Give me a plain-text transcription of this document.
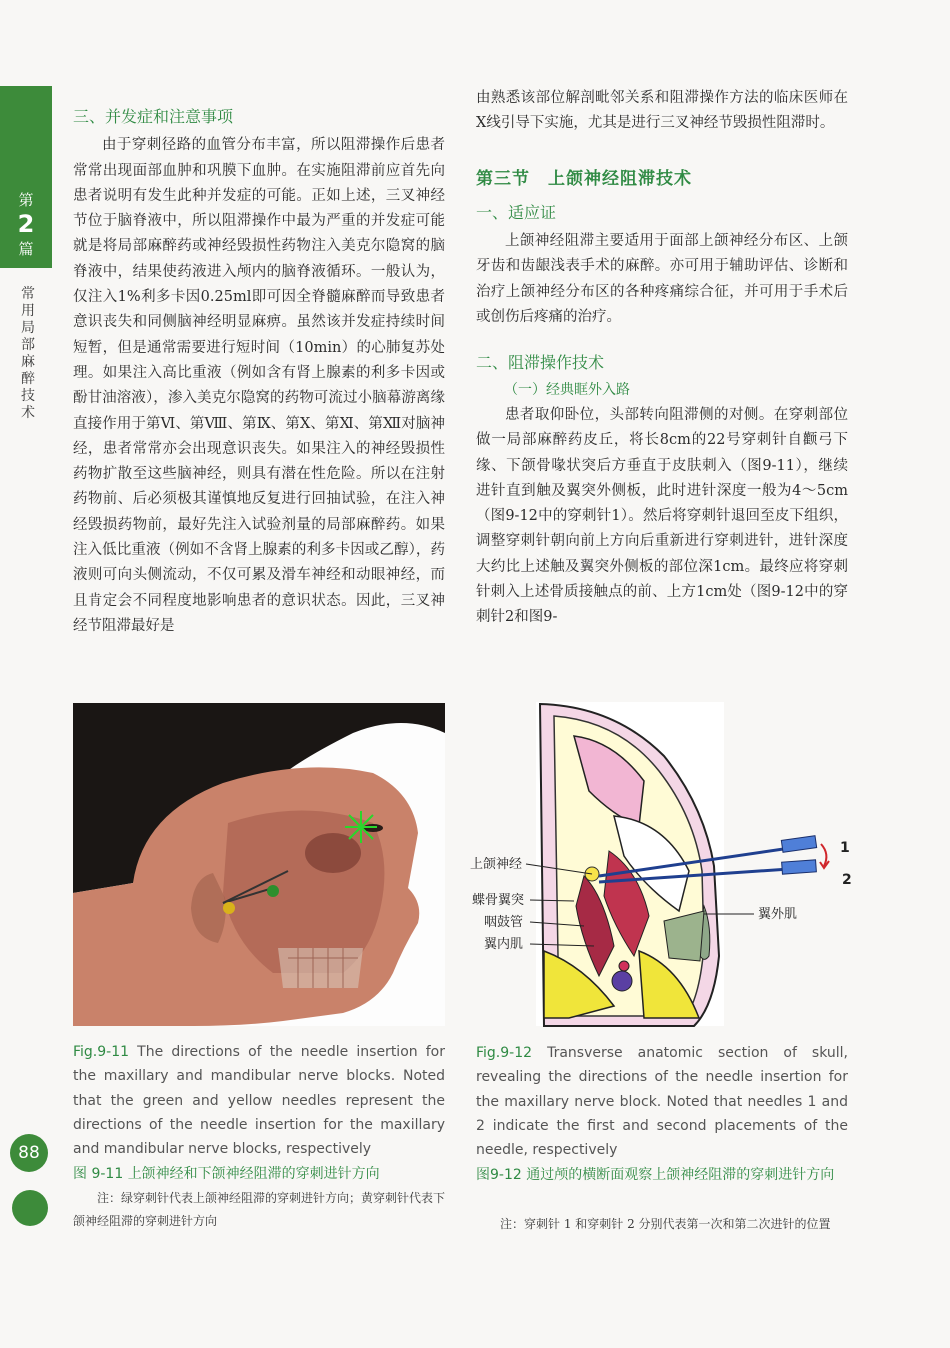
第
2
篇
常
用
局
部
麻
醉
技
术
88
三、并发症和注意事项

由于穿刺径路的血管分布丰富，所以阻滞操作后患者常常出现面部血肿和巩膜下血肿。在实施阻滞前应首先向患者说明有发生此种并发症的可能。正如上述，三叉神经节位于脑脊液中，所以阻滞操作中最为严重的并发症可能就是将局部麻醉药或神经毁损性药物注入美克尔隐窝的脑脊液中，结果使药液进入颅内的脑脊液循环。一般认为，仅注入1%利多卡因0.25ml即可因全脊髓麻醉而导致患者意识丧失和同侧脑神经明显麻痹。虽然该并发症持续时间短暂，但是通常需要进行短时间（10min）的心肺复苏处理。如果注入高比重液（例如含有肾上腺素的利多卡因或酚甘油溶液），渗入美克尔隐窝的药物可流过小脑幕游离缘直接作用于第Ⅵ、第Ⅷ、第Ⅸ、第Ⅹ、第Ⅺ、第Ⅻ对脑神经，患者常常亦会出现意识丧失。如果注入的神经毁损性药物扩散至这些脑神经，则具有潜在性危险。所以在注射药物前、后必须极其谨慎地反复进行回抽试验，在注入神经毁损药物前，最好先注入试验剂量的局部麻醉药。如果注入低比重液（例如不含肾上腺素的利多卡因或乙醇），药液则可向头侧流动，不仅可累及滑车神经和动眼神经，而且肯定会不同程度地影响患者的意识状态。因此，三叉神经节阻滞最好是

由熟悉该部位解剖毗邻关系和阻滞操作方法的临床医师在X线引导下实施，尤其是进行三叉神经节毁损性阻滞时。

第三节　上颌神经阻滞技术
一、适应证

上颌神经阻滞主要适用于面部上颌神经分布区、上颌牙齿和齿龈浅表手术的麻醉。亦可用于辅助评估、诊断和治疗上颌神经分布区的各种疼痛综合征，并可用于手术后或创伤后疼痛的治疗。

二、阻滞操作技术
（一）经典眶外入路

患者取仰卧位，头部转向阻滞侧的对侧。在穿刺部位做一局部麻醉药皮丘，将长8cm的22号穿刺针自颧弓下缘、下颌骨喙状突后方垂直于皮肤刺入（图9-11），继续进针直到触及翼突外侧板，此时进针深度一般为4～5cm（图9-12中的穿刺针1）。然后将穿刺针退回至皮下组织，调整穿刺针朝向前上方向后重新进行穿刺进针，进针深度大约比上述触及翼突外侧板的部位深1cm。最终应将穿刺针刺入上述骨质接触点的前、上方1cm处（图9-12中的穿刺针2和图9-

1
2
上颌神经
蝶骨翼突
咽鼓管
翼内肌
翼外肌
Fig.9-11 The directions of the needle insertion for the maxillary and mandibular nerve blocks. Noted that the green and yellow needles represent the directions of the needle insertion for the maxillary and mandibular nerve blocks, respectively
图 9-11 上颌神经和下颌神经阻滞的穿刺进针方向
注：绿穿刺针代表上颌神经阻滞的穿刺进针方向；黄穿刺针代表下颌神经阻滞的穿刺进针方向
Fig.9-12 Transverse anatomic section of skull, revealing the directions of the needle insertion for the maxillary nerve block. Noted that needles 1 and 2 indicate the first and second placements of the needle, respectively
图9-12 通过颅的横断面观察上颌神经阻滞的穿刺进针方向
注：穿刺针 1 和穿刺针 2 分别代表第一次和第二次进针的位置
